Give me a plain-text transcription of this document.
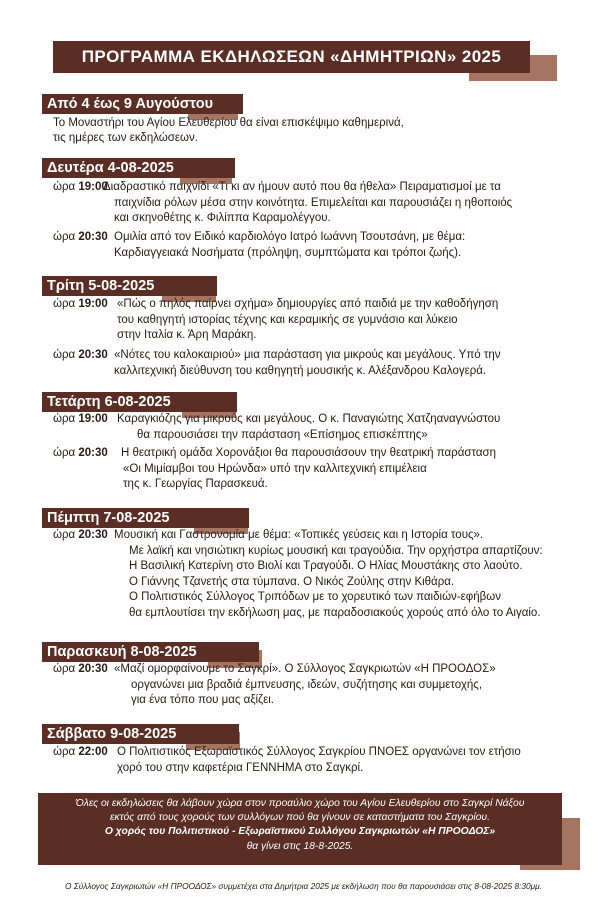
ΠΡΟΓΡΑΜΜΑ ΕΚΔΗΛΩΣΕΩΝ «ΔΗΜΗΤΡΙΩΝ» 2025
Από 4 έως 9 Αυγούστου
Το Μοναστήρι του Αγίου Ελευθερίου θα είναι επισκέψιμο καθημερινά,
τις ημέρες των εκδηλώσεων.
Δευτέρα 4-08-2025
ώρα 19:00
Διαδραστικό παιχνίδι «Τι κι αν ήμουν αυτό που θα ήθελα» Πειραματισμοί με τα
παιχνίδια ρόλων μέσα στην κοινότητα. Επιμελείται και παρουσιάζει η ηθοποιός
και σκηνοθέτης κ. Φιλίππα Καραμολέγγου.
ώρα 20:30 Ομιλία από τον Ειδικό καρδιολόγο Ιατρό Ιωάννη Τσουτσάνη, με θέμα:
Καρδιαγγειακά Νοσήματα (πρόληψη, συμπτώματα και τρόποι ζωής).
Τρίτη 5-08-2025
ώρα 19:00 «Πώς ο πηλός παίρνει σχήμα» δημιουργίες από παιδιά με την καθοδήγηση
του καθηγητή ιστορίας τέχνης και κεραμικής σε γυμνάσιο και λύκειο
στην Ιταλία κ. Άρη Μαράκη.
ώρα 20:30 «Νότες του καλοκαιριού» μια παράσταση για μικρούς και μεγάλους. Υπό την
καλλιτεχνική διεύθυνση του καθηγητή μουσικής κ. Αλέξανδρου Καλογερά.
Τετάρτη 6-08-2025
ώρα 19:00 Καραγκιόζης για μικρούς και μεγάλους. Ο κ. Παναγιώτης Χατζηαναγνώστου
θα παρουσιάσει την παράσταση «Επίσημος επισκέπτης»
ώρα 20:30	Η θεατρική ομάδα Χορονάξιοι θα παρουσιάσουν την θεατρική παράσταση
«Οι Μιμίαμβοι του Ηρώνδα» υπό την καλλιτεχνική επιμέλεια
της κ. Γεωργίας Παρασκευά.
Πέμπτη 7-08-2025
ώρα 20:30 Μουσική και Γαστρονομία με θέμα: «Τοπικές γεύσεις και η Ιστορία τους».
Με λαϊκή και νησιώτικη κυρίως μουσική και τραγούδια. Την ορχήστρα απαρτίζουν:
Η Βασιλική Κατερίνη στο Βιολί και Τραγούδι. Ο Ηλίας Μουστάκης στο λαούτο.
Ο Γιάννης Τζανετής στα τύμπανα. Ο Νικός Ζούλης στην Κιθάρα.
Ο Πολιτιστικός Σύλλογος Τριπόδων με το χορευτικό των παιδιών-εφήβων
θα εμπλουτίσει την εκδήλωση μας, με παραδοσιακούς χορούς από όλο το Αιγαίο.
Παρασκευή 8-08-2025
ώρα 20:30 «Μαζί ομορφαίνουμε το Σαγκρί». Ο Σύλλογος Σαγκριωτών «Η ΠΡΟΟΔΟΣ»
οργανώνει μια βραδιά έμπνευσης, ιδεών, συζήτησης και συμμετοχής,
για ένα τόπο που μας αξίζει.
Σάββατο 9-08-2025
ώρα 22:00 Ο Πολιτιστικός Εξωραϊστικός Σύλλογος Σαγκρίου ΠΝΟΕΣ οργανώνει τον ετήσιο
χορό του στην καφετέρια ΓΕΝΝΗΜΑ στο Σαγκρί.
Όλες οι εκδηλώσεις θα λάβουν χώρα στον προαύλιο χώρο του Αγίου Ελευθερίου στο Σαγκρί Νάξου
εκτός από τους χορούς των συλλόγων πού θα γίνουν σε καταστήματα του Σαγκρίου.
Ο χορός του Πολιτιστικού - Εξωραϊστικού Συλλόγου Σαγκριωτών «Η ΠΡΟΟΔΟΣ»
θα γίνει στις 18-8-2025.
Ο Σύλλογος Σαγκριωτών «Η ΠΡΟΟΔΟΣ» συμμετέχει στα Δημήτρια 2025 με εκδήλωση που θα παρουσιάσει στις 8-08-2025 8:30μμ.
